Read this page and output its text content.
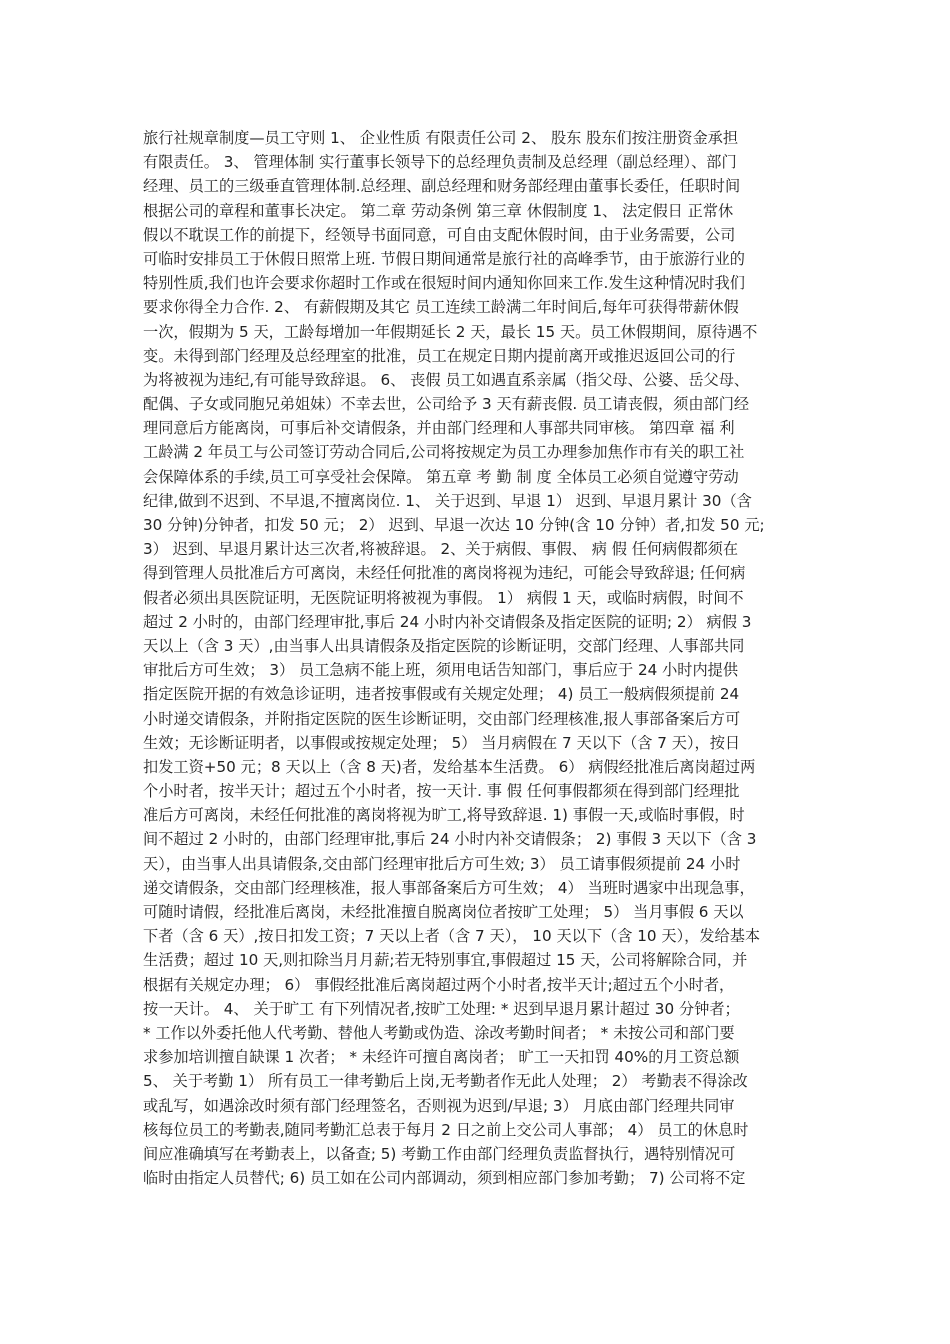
旅行社规章制度—员工守则 1、 企业性质 有限责任公司 2、 股东 股东们按注册资金承担
有限责任。 3、 管理体制 实行董事长领导下的总经理负责制及总经理（副总经理）、部门
经理、员工的三级垂直管理体制.总经理、副总经理和财务部经理由董事长委任，任职时间
根据公司的章程和董事长决定。 第二章 劳动条例 第三章 休假制度 1、 法定假日 正常休
假以不耽误工作的前提下，经领导书面同意，可自由支配休假时间，由于业务需要，公司
可临时安排员工于休假日照常上班. 节假日期间通常是旅行社的高峰季节，由于旅游行业的
特别性质,我们也许会要求你超时工作或在很短时间内通知你回来工作.发生这种情况时我们
要求你得全力合作. 2、 有薪假期及其它 员工连续工龄满二年时间后,每年可获得带薪休假
一次，假期为 5 天，工龄每增加一年假期延长 2 天，最长 15 天。员工休假期间，原待遇不
变。未得到部门经理及总经理室的批准，员工在规定日期内提前离开或推迟返回公司的行
为将被视为违纪,有可能导致辞退。 6、 丧假 员工如遇直系亲属（指父母、公婆、岳父母、
配偶、子女或同胞兄弟姐妹）不幸去世，公司给予 3 天有薪丧假. 员工请丧假，须由部门经
理同意后方能离岗，可事后补交请假条，并由部门经理和人事部共同审核。 第四章 福 利
工龄满 2 年员工与公司签订劳动合同后,公司将按规定为员工办理参加焦作市有关的职工社
会保障体系的手续,员工可享受社会保障。 第五章 考 勤 制 度 全体员工必须自觉遵守劳动
纪律,做到不迟到、不早退,不擅离岗位. 1、 关于迟到、早退 1） 迟到、早退月累计 30（含
30 分钟)分钟者，扣发 50 元； 2） 迟到、早退一次达 10 分钟(含 10 分钟）者,扣发 50 元;
3） 迟到、早退月累计达三次者,将被辞退。 2、关于病假、事假、 病 假 任何病假都须在
得到管理人员批准后方可离岗，未经任何批准的离岗将视为违纪，可能会导致辞退; 任何病
假者必须出具医院证明，无医院证明将被视为事假。 1） 病假 1 天，或临时病假，时间不
超过 2 小时的，由部门经理审批,事后 24 小时内补交请假条及指定医院的证明; 2） 病假 3
天以上（含 3 天）,由当事人出具请假条及指定医院的诊断证明，交部门经理、人事部共同
审批后方可生效； 3） 员工急病不能上班，须用电话告知部门，事后应于 24 小时内提供
指定医院开据的有效急诊证明，违者按事假或有关规定处理； 4) 员工一般病假须提前 24
小时递交请假条，并附指定医院的医生诊断证明，交由部门经理核准,报人事部备案后方可
生效；无诊断证明者，以事假或按规定处理； 5） 当月病假在 7 天以下（含 7 天），按日
扣发工资+50 元；8 天以上（含 8 天)者，发给基本生活费。 6） 病假经批准后离岗超过两
个小时者，按半天计；超过五个小时者，按一天计. 事 假 任何事假都须在得到部门经理批
准后方可离岗，未经任何批准的离岗将视为旷工,将导致辞退. 1) 事假一天,或临时事假，时
间不超过 2 小时的，由部门经理审批,事后 24 小时内补交请假条； 2) 事假 3 天以下（含 3
天），由当事人出具请假条,交由部门经理审批后方可生效; 3） 员工请事假须提前 24 小时
递交请假条，交由部门经理核准，报人事部备案后方可生效； 4） 当班时遇家中出现急事，
可随时请假，经批准后离岗，未经批准擅自脱离岗位者按旷工处理； 5） 当月事假 6 天以
下者（含 6 天）,按日扣发工资；7 天以上者（含 7 天）， 10 天以下（含 10 天），发给基本
生活费；超过 10 天,则扣除当月月薪;若无特别事宜,事假超过 15 天，公司将解除合同，并
根据有关规定办理； 6） 事假经批准后离岗超过两个小时者,按半天计;超过五个小时者，
按一天计。 4、 关于旷工 有下列情况者,按旷工处理: * 迟到早退月累计超过 30 分钟者；
* 工作以外委托他人代考勤、替他人考勤或伪造、涂改考勤时间者； * 未按公司和部门要
求参加培训擅自缺课 1 次者； * 未经许可擅自离岗者； 旷工一天扣罚 40%的月工资总额
5、 关于考勤 1） 所有员工一律考勤后上岗,无考勤者作无此人处理； 2） 考勤表不得涂改
或乱写，如遇涂改时须有部门经理签名，否则视为迟到/早退; 3） 月底由部门经理共同审
核每位员工的考勤表,随同考勤汇总表于每月 2 日之前上交公司人事部； 4） 员工的休息时
间应准确填写在考勤表上，以备查; 5) 考勤工作由部门经理负责监督执行，遇特别情况可
临时由指定人员替代; 6) 员工如在公司内部调动，须到相应部门参加考勤； 7) 公司将不定
